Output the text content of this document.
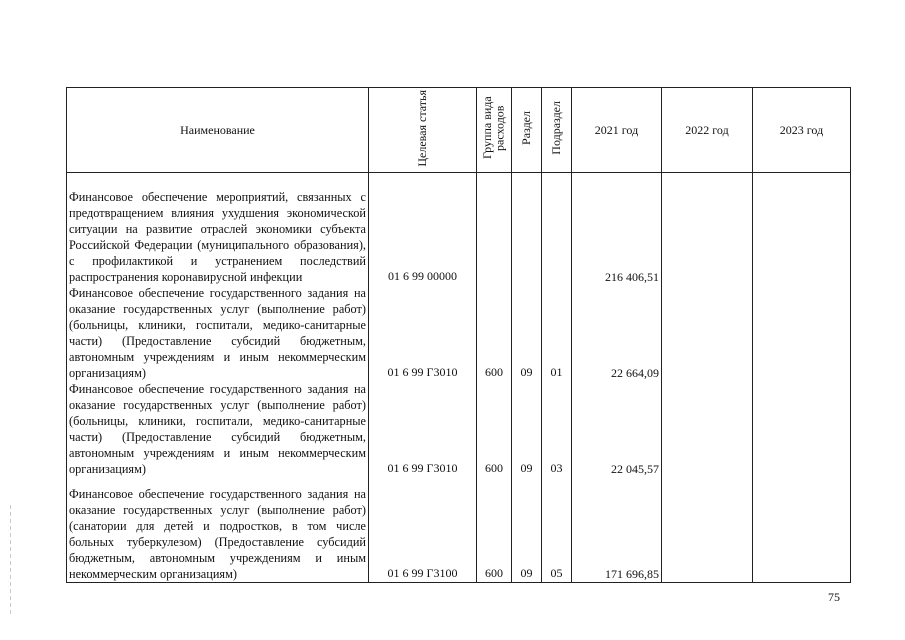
Наименование	Целевая статья	Группа вида расходов	Раздел	Подраздел	2021 год	2022 год	2023 год
Финансовое обеспечение мероприятий, связанных с предотвращением влияния ухудшения экономической ситуации на развитие отраслей экономики субъекта Российской Федерации (муниципального образования), с профилактикой и устранением последствий распространения коронавирусной инфекции	01 6 99 00000				216 406,51		
Финансовое обеспечение государственного задания на оказание государственных услуг (выполнение работ) (больницы, клиники, госпитали, медико-санитарные части) (Предоставление субсидий бюджетным, автономным учреждениям и иным некоммерческим организациям)	01 6 99 Г3010	600	09	01	22 664,09		
Финансовое обеспечение государственного задания на оказание государственных услуг (выполнение работ) (больницы, клиники, госпитали, медико-санитарные части) (Предоставление субсидий бюджетным, автономным учреждениям и иным некоммерческим организациям)	01 6 99 Г3010	600	09	03	22 045,57		
Финансовое обеспечение государственного задания на оказание государственных услуг (выполнение работ) (санатории для детей и подростков, в том числе больных туберкулезом) (Предоставление субсидий бюджетным, автономным учреждениям и иным некоммерческим организациям)	01 6 99 Г3100	600	09	05	171 696,85		
75
